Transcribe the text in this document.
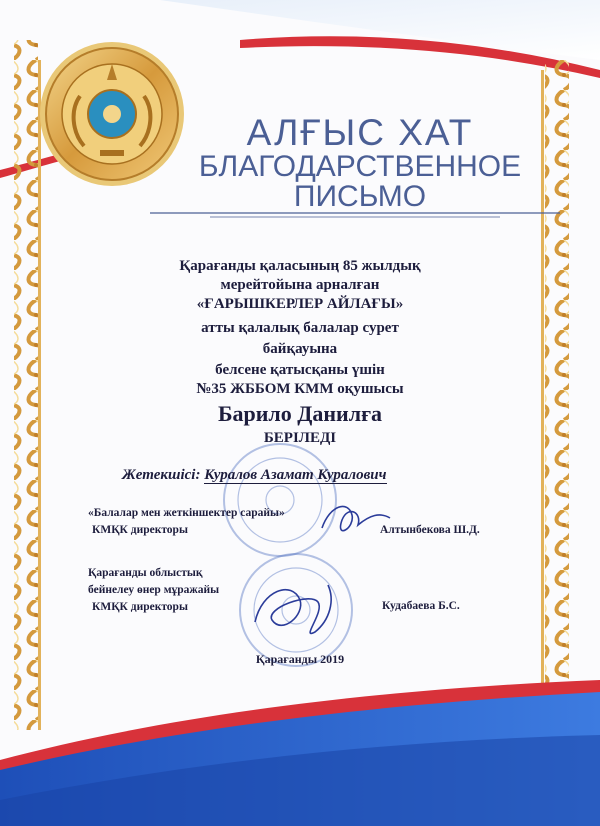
АЛҒЫС ХАТ
БЛАГОДАРСТВЕННОЕ
ПИСЬМО
Қарағанды қаласының 85 жылдық
мерейтойына арналған
«ҒАРЫШКЕРЛЕР АЙЛАҒЫ»
атты қалалық балалар сурет
байқауына
белсене қатысқаны үшін
№35 ЖББОМ КММ оқушысы
Барило Данилға
БЕРІЛЕДІ
Жетекшісі: Куралов Азамат Куралович
«Балалар мен жеткіншектер сарайы»
КМҚК директоры	Алтынбекова Ш.Д.
Қарағанды облыстық
бейнелеу өнер мұражайы
КМҚК директоры	Кудабаева Б.С.
Қарағанды 2019
